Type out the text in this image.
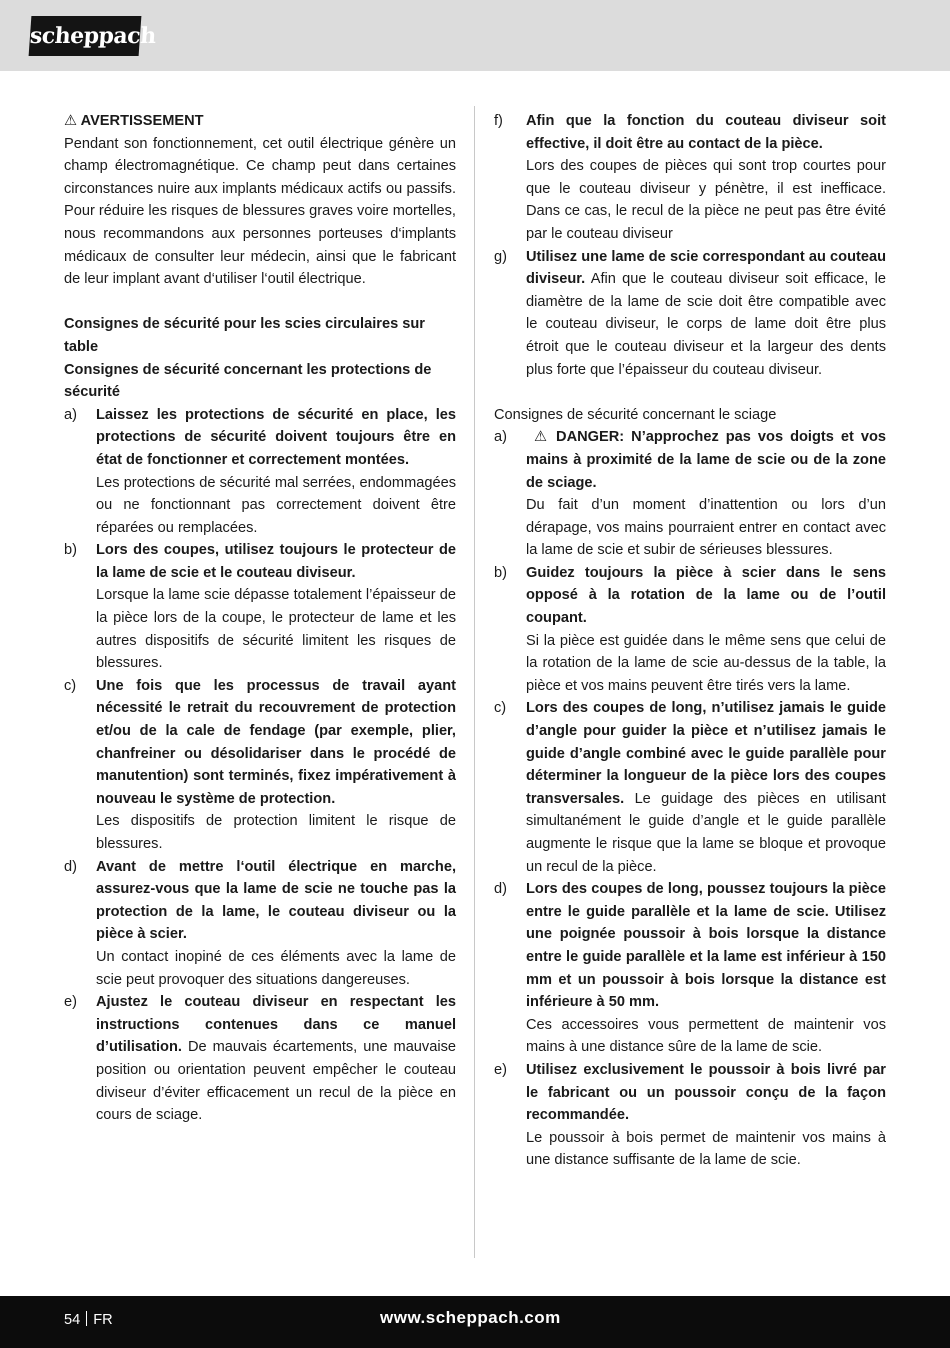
scheppach

⚠ AVERTISSEMENT

Pendant son fonctionnement, cet outil électrique génère un champ électromagnétique. Ce champ peut dans certaines circonstances nuire aux implants médicaux actifs ou passifs. Pour réduire les risques de blessures graves voire mortelles, nous recommandons aux personnes porteuses d‘implants médicaux de consulter leur médecin, ainsi que le fabricant de leur implant avant d‘utiliser l‘outil électrique.

Consignes de sécurité pour les scies circulaires sur table

Consignes de sécurité concernant les protections de sécurité

a)	Laissez les protections de sécurité en place, les protections de sécurité doivent toujours être en état de fonctionner et correctement montées.

Les protections de sécurité mal serrées, endommagées ou ne fonctionnant pas correctement doivent être réparées ou remplacées.

b)	Lors des coupes, utilisez toujours le protecteur de la lame de scie et le couteau diviseur.

Lorsque la lame scie dépasse totalement l’épaisseur de la pièce lors de la coupe, le protecteur de lame et les autres dispositifs de sécurité limitent les risques de blessures.

c)	Une fois que les processus de travail ayant nécessité le retrait du recouvrement de protection et/ou de la cale de fendage (par exemple, plier, chanfreiner ou désolidariser dans le procédé de manutention) sont terminés, fixez impérativement à nouveau le système de protection.

Les dispositifs de protection limitent le risque de blessures.

d)	Avant de mettre l‘outil électrique en marche, assurez-vous que la lame de scie ne touche pas la protection de la lame, le couteau diviseur ou la pièce à scier.

Un contact inopiné de ces éléments avec la lame de scie peut provoquer des situations dangereuses.

e)	Ajustez le couteau diviseur en respectant les instructions contenues dans ce manuel d’utilisation. De mauvais écartements, une mauvaise position ou orientation peuvent empêcher le couteau diviseur d’éviter efficacement un recul de la pièce en cours de sciage.
f)	Afin que la fonction du couteau diviseur soit effective, il doit être au contact de la pièce.

Lors des coupes de pièces qui sont trop courtes pour que le couteau diviseur y pénètre, il est inefficace. Dans ce cas, le recul de la pièce ne peut pas être évité par le couteau diviseur

g)	Utilisez une lame de scie correspondant au couteau diviseur. Afin que le couteau diviseur soit efficace, le diamètre de la lame de scie doit être compatible avec le couteau diviseur, le corps de lame doit être plus étroit que le couteau diviseur et la largeur des dents plus forte que l’épaisseur du couteau diviseur.

Consignes de sécurité concernant le sciage

a)	⚠ DANGER: N’approchez pas vos doigts et vos mains à proximité de la lame de scie ou de la zone de sciage.

Du fait d’un moment d’inattention ou lors d’un dérapage, vos mains pourraient entrer en contact avec la lame de scie et subir de sérieuses blessures.

b)	Guidez toujours la pièce à scier dans le sens opposé à la rotation de la lame ou de l’outil coupant.

Si la pièce est guidée dans le même sens que celui de la rotation de la lame de scie au-dessus de la table, la pièce et vos mains peuvent être tirés vers la lame.

c)	Lors des coupes de long, n’utilisez jamais le guide d’angle pour guider la pièce et n’utilisez jamais le guide d’angle combiné avec le guide parallèle pour déterminer la longueur de la pièce lors des coupes transversales. Le guidage des pièces en utilisant simultanément le guide d’angle et le guide parallèle augmente le risque que la lame se bloque et provoque un recul de la pièce.
d)	Lors des coupes de long, poussez toujours la pièce entre le guide parallèle et la lame de scie. Utilisez une poignée poussoir à bois lorsque la distance entre le guide parallèle et la lame est inférieur à 150 mm et un poussoir à bois lorsque la distance est inférieure à 50 mm.

Ces accessoires vous permettent de maintenir vos mains à une distance sûre de la lame de scie.

e)	Utilisez exclusivement le poussoir à bois livré par le fabricant ou un poussoir conçu de la façon recommandée.

Le poussoir à bois permet de maintenir vos mains à une distance suffisante de la lame de scie.

54 FR	www.scheppach.com
